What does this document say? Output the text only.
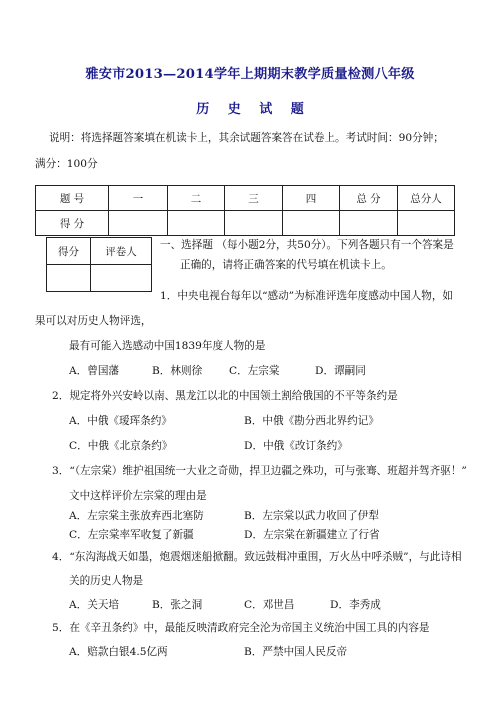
雅安市2013—2014学年上期期末教学质量检测八年级
历 史 试 题
说明：将选择题答案填在机读卡上，其余试题答案答在试卷上。考试时间：90分钟；
满分：100分
题 号	一	二	三	四	总 分	总分人
得 分						
得分	评卷人

一、选择题 （每小题2分，共50分）。下列各题只有一个答案是
正确的，请将正确答案的代号填在机读卡上。
1．中央电视台每年以“感动”为标准评选年度感动中国人物，如
果可以对历史人物评选，
最有可能入选感动中国1839年度人物的是
A．曾国藩	B．林则徐	C．左宗棠	D．谭嗣同
2．规定将外兴安岭以南、黑龙江以北的中国领土割给俄国的不平等条约是
A．中俄《瑷珲条约》	B．中俄《勘分西北界约记》
C．中俄《北京条约》	D．中俄《改订条约》
3．“（左宗棠）维护祖国统一大业之奇勋，捍卫边疆之殊功，可与张骞、班超并驾齐驱！”
文中这样评价左宗棠的理由是
A．左宗棠主张放弃西北塞防	B．左宗棠以武力收回了伊犁
C．左宗棠率军收复了新疆	D．左宗棠在新疆建立了行省
4．“东沟海战天如墨，炮震烟迷船掀翻。致远鼓楫冲重围，万火丛中呼杀贼”，与此诗相
关的历史人物是
A．关天培	B．张之洞	C．邓世昌	D．李秀成
5．在《辛丑条约》中，最能反映清政府完全沦为帝国主义统治中国工具的内容是
A．赔款白银4.5亿两	B．严禁中国人民反帝
